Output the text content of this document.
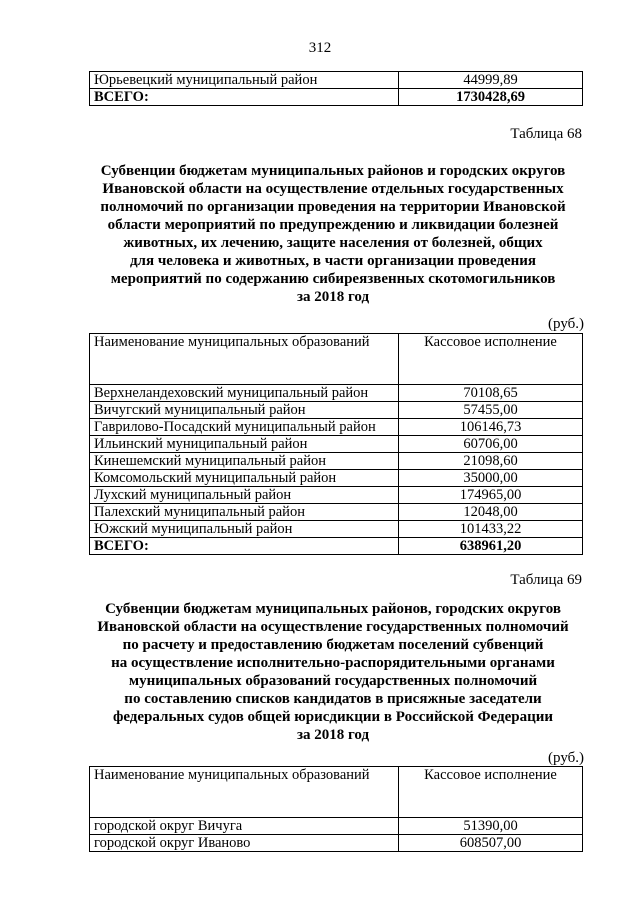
312
Юрьевецкий муниципальный район	44999,89
ВСЕГО:	1730428,69
Таблица 68
Субвенции бюджетам муниципальных районов и городских округов
Ивановской области на осуществление отдельных государственных
полномочий по организации проведения на территории Ивановской
области мероприятий по предупреждению и ликвидации болезней
животных, их лечению, защите населения от болезней, общих
для человека и животных, в части организации проведения
мероприятий по содержанию сибиреязвенных скотомогильников
за 2018 год
(руб.)
Наименование муниципальных образований	Кассовое исполнение
Верхнеландеховский муниципальный район	70108,65
Вичугский муниципальный район	57455,00
Гаврилово-Посадский муниципальный район	106146,73
Ильинский муниципальный район	60706,00
Кинешемский муниципальный район	21098,60
Комсомольский муниципальный район	35000,00
Лухский муниципальный район	174965,00
Палехский муниципальный район	12048,00
Южский муниципальный район	101433,22
ВСЕГО:	638961,20
Таблица 69
Субвенции бюджетам муниципальных районов, городских округов
Ивановской области на осуществление государственных полномочий
по расчету и предоставлению бюджетам поселений субвенций
на осуществление исполнительно-распорядительными органами
муниципальных образований государственных полномочий
по составлению списков кандидатов в присяжные заседатели
федеральных судов общей юрисдикции в Российской Федерации
за 2018 год
(руб.)
Наименование муниципальных образований	Кассовое исполнение
городской округ Вичуга	51390,00
городской округ Иваново	608507,00
